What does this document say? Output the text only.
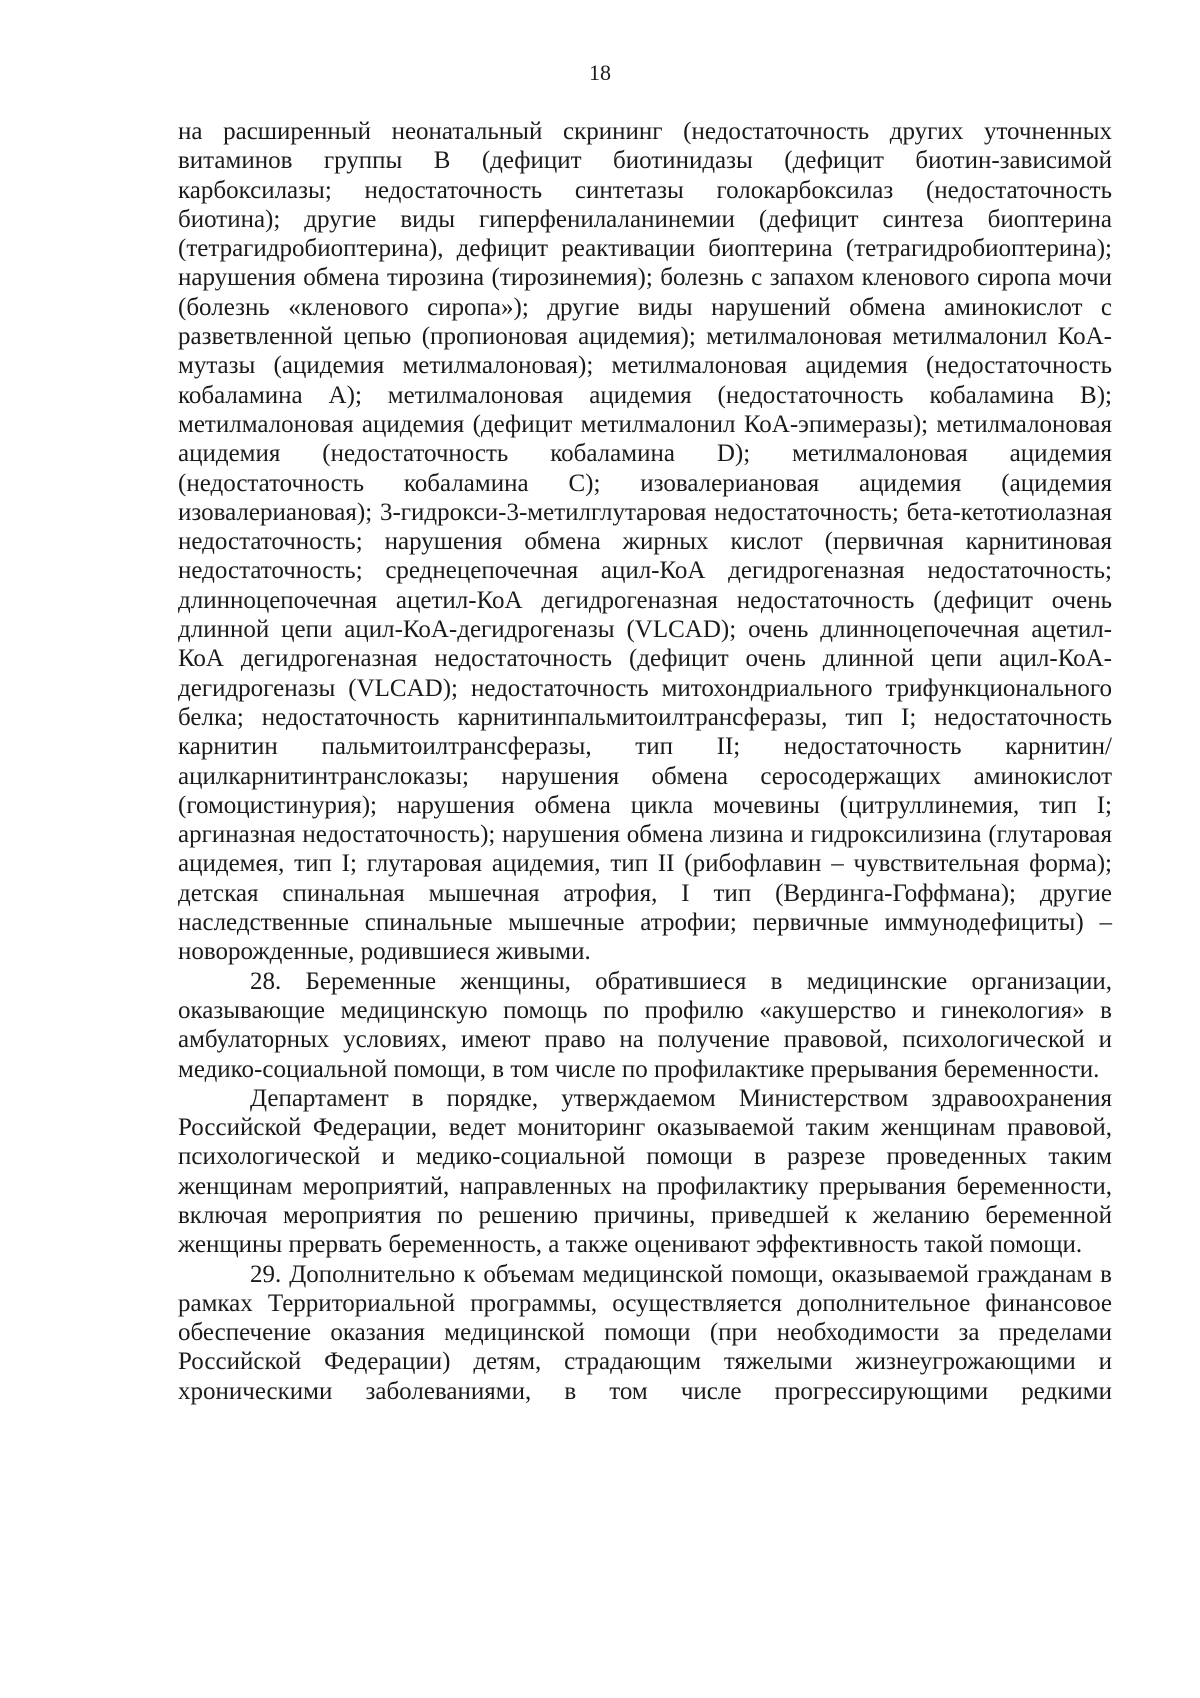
18

на расширенный неонатальный скрининг (недостаточность других уточненных витаминов группы B (дефицит биотинидазы (дефицит биотин-зависимой карбоксилазы; недостаточность синтетазы голокарбоксилаз (недостаточность биотина); другие виды гиперфенилаланинемии (дефицит синтеза биоптерина (тетрагидробиоптерина), дефицит реактивации биоптерина (тетрагидробиоптерина); нарушения обмена тирозина (тирозинемия); болезнь с запахом кленового сиропа мочи (болезнь «кленового сиропа»); другие виды нарушений обмена аминокислот с разветвленной цепью (пропионовая ацидемия); метилмалоновая метилмалонил КоА-мутазы (ацидемия метилмалоновая); метилмалоновая ацидемия (недостаточность кобаламина А); метилмалоновая ацидемия (недостаточность кобаламина В); метилмалоновая ацидемия (дефицит метилмалонил КоА-эпимеразы); метилмалоновая ацидемия (недостаточность кобаламина D); метилмалоновая ацидемия (недостаточность кобаламина С); изовалериановая ацидемия (ацидемия изовалериановая); 3-гидрокси-3-метилглутаровая недостаточность; бета-кетотиолазная недостаточность; нарушения обмена жирных кислот (первичная карнитиновая недостаточность; среднецепочечная ацил-КоА дегидрогеназная недостаточность; длинноцепочечная ацетил-КоА дегидрогеназная недостаточность (дефицит очень длинной цепи ацил-КоА-дегидрогеназы (VLCAD); очень длинноцепочечная ацетил-КоА дегидрогеназная недостаточность (дефицит очень длинной цепи ацил-КоА-дегидрогеназы (VLCAD); недостаточность митохондриального трифункционального белка; недостаточность карнитинпальмитоилтрансферазы, тип I; недостаточность карнитин пальмитоилтрансферазы, тип II; недостаточность карнитин/ацилкарнитинтранслоказы; нарушения обмена серосодержащих аминокислот (гомоцистинурия); нарушения обмена цикла мочевины (цитруллинемия, тип I; аргиназная недостаточность); нарушения обмена лизина и гидроксилизина (глутаровая ацидемея, тип I; глутаровая ацидемия, тип II (рибофлавин – чувствительная форма); детская спинальная мышечная атрофия, I тип (Вердинга-Гоффмана); другие наследственные спинальные мышечные атрофии; первичные иммунодефициты) – новорожденные, родившиеся живыми.

28. Беременные женщины, обратившиеся в медицинские организации, оказывающие медицинскую помощь по профилю «акушерство и гинекология» в амбулаторных условиях, имеют право на получение правовой, психологической и медико-социальной помощи, в том числе по профилактике прерывания беременности.

Департамент в порядке, утверждаемом Министерством здравоохранения Российской Федерации, ведет мониторинг оказываемой таким женщинам правовой, психологической и медико-социальной помощи в разрезе проведенных таким женщинам мероприятий, направленных на профилактику прерывания беременности, включая мероприятия по решению причины, приведшей к желанию беременной женщины прервать беременность, а также оценивают эффективность такой помощи.

29. Дополнительно к объемам медицинской помощи, оказываемой гражданам в рамках Территориальной программы, осуществляется дополнительное финансовое обеспечение оказания медицинской помощи (при необходимости за пределами Российской Федерации) детям, страдающим тяжелыми жизнеугрожающими и хроническими заболеваниями, в том числе прогрессирующими редкими
